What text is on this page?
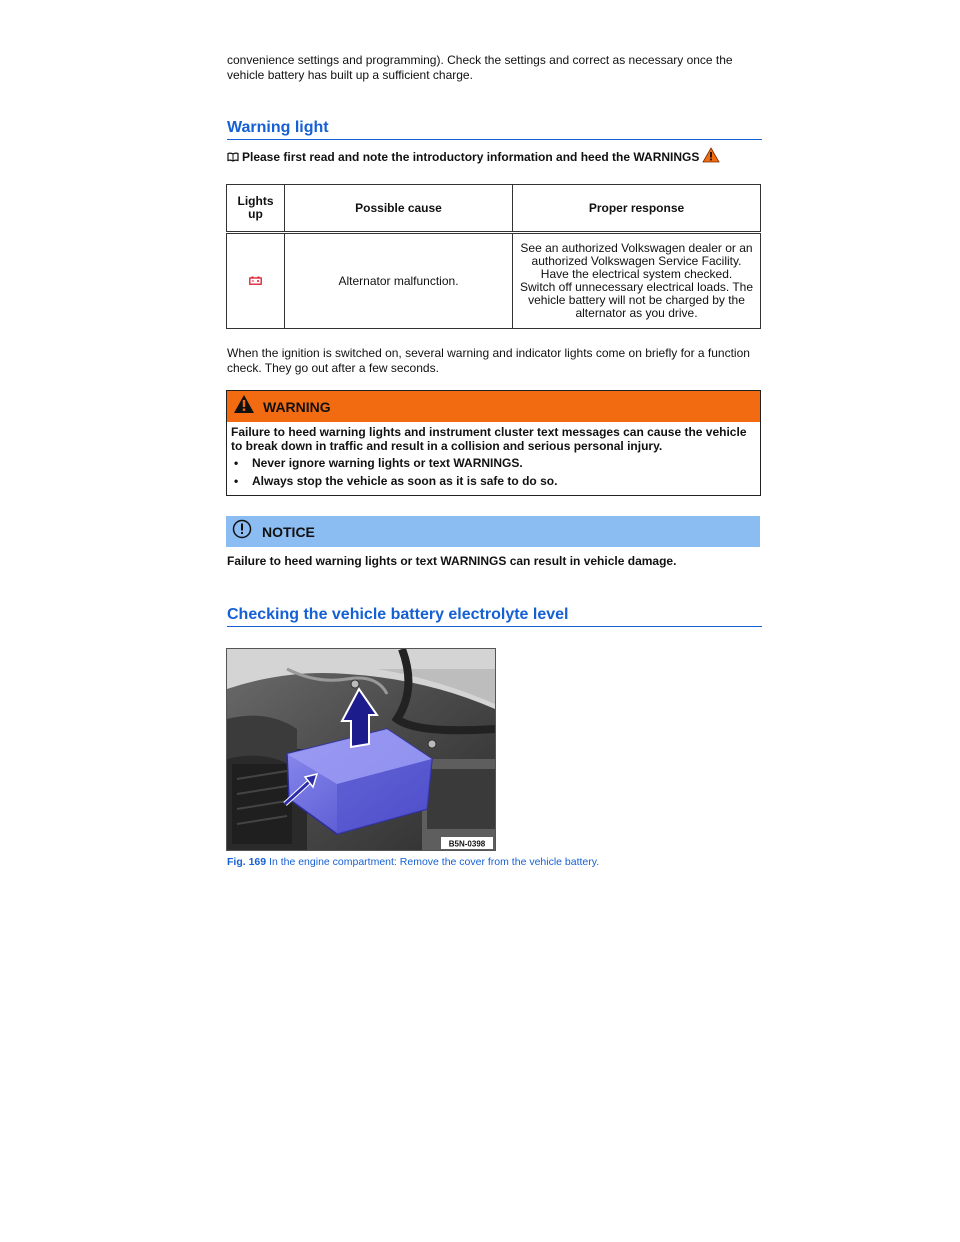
convenience settings and programming). Check the settings and correct as necessary once the vehicle battery has built up a sufficient charge.
Warning light
Please first read and note the introductory information and heed the WARNINGS
Lights up	Possible cause	Proper response
	Alternator malfunction.	See an authorized Volkswagen dealer or an authorized Volkswagen Service Facility. Have the electrical system checked.
Switch off unnecessary electrical loads. The vehicle battery will not be charged by the alternator as you drive.
When the ignition is switched on, several warning and indicator lights come on briefly for a function check. They go out after a few seconds.
WARNING

Failure to heed warning lights and instrument cluster text messages can cause the vehicle to break down in traffic and result in a collision and serious personal injury.

• Never ignore warning lights or text WARNINGS.
• Always stop the vehicle as soon as it is safe to do so.
NOTICE
Failure to heed warning lights or text WARNINGS can result in vehicle damage.
Checking the vehicle battery electrolyte level
B5N-0398
Fig. 169 In the engine compartment: Remove the cover from the vehicle battery.
